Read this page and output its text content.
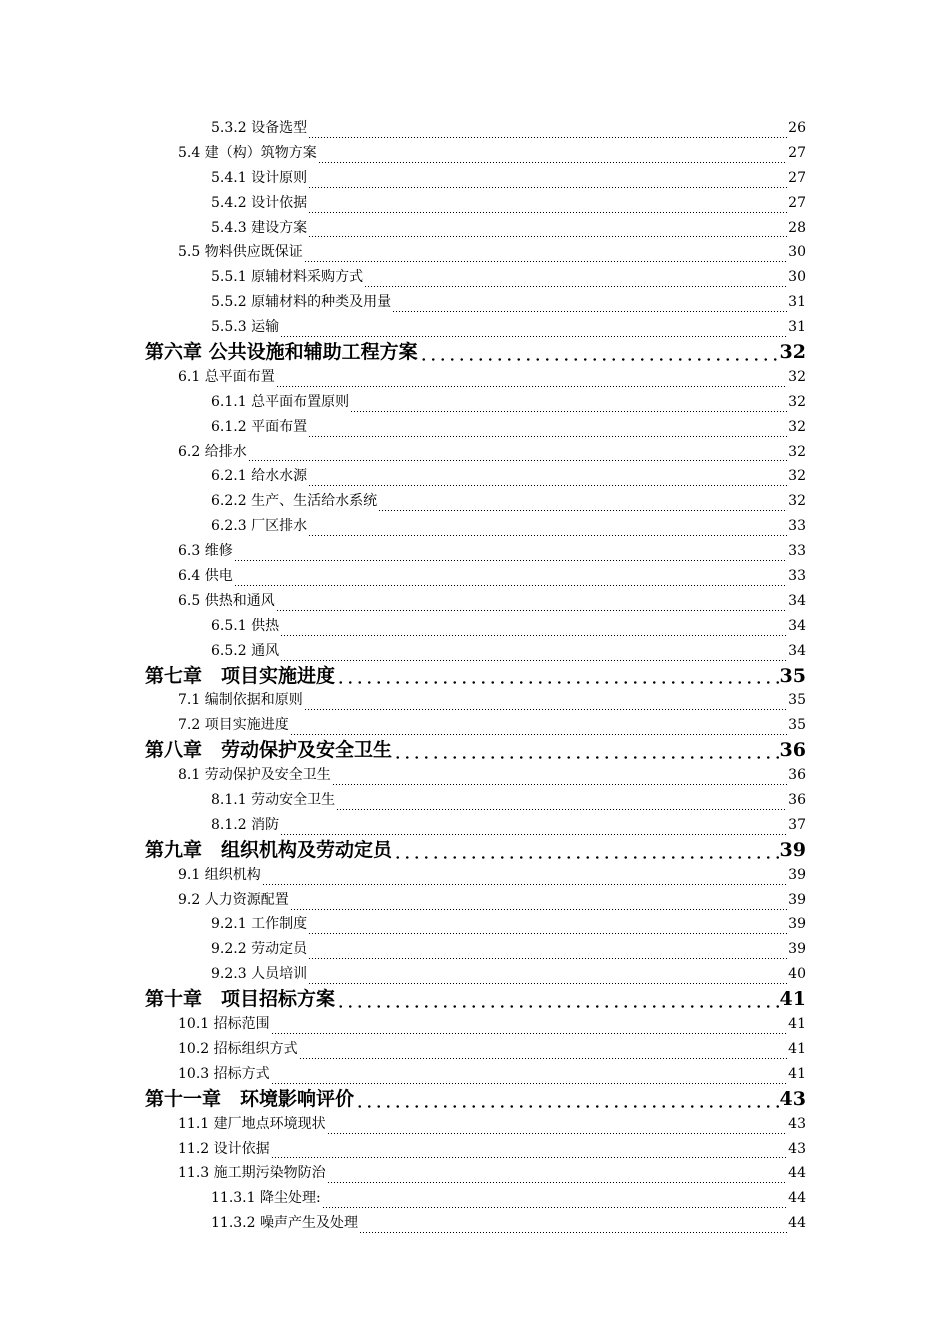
5.3.2 设备选型	26
5.4 建（构）筑物方案	27
5.4.1 设计原则	27
5.4.2 设计依据	27
5.4.3 建设方案	28
5.5 物料供应既保证	30
5.5.1 原辅材料采购方式	30
5.5.2 原辅材料的种类及用量	31
5.5.3 运输	31
第六章 公共设施和辅助工程方案	32
6.1 总平面布置	32
6.1.1 总平面布置原则	32
6.1.2 平面布置	32
6.2 给排水	32
6.2.1 给水水源	32
6.2.2 生产、生活给水系统	32
6.2.3 厂区排水	33
6.3 维修	33
6.4 供电	33
6.5 供热和通风	34
6.5.1 供热	34
6.5.2 通风	34
第七章　项目实施进度	35
7.1 编制依据和原则	35
7.2 项目实施进度	35
第八章　劳动保护及安全卫生	36
8.1 劳动保护及安全卫生	36
8.1.1 劳动安全卫生	36
8.1.2 消防	37
第九章　组织机构及劳动定员	39
9.1 组织机构	39
9.2 人力资源配置	39
9.2.1 工作制度	39
9.2.2 劳动定员	39
9.2.3 人员培训	40
第十章　项目招标方案	41
10.1 招标范围	41
10.2 招标组织方式	41
10.3 招标方式	41
第十一章　环境影响评价	43
11.1 建厂地点环境现状	43
11.2 设计依据	43
11.3 施工期污染物防治	44
11.3.1 降尘处理:	44
11.3.2 噪声产生及处理	44
